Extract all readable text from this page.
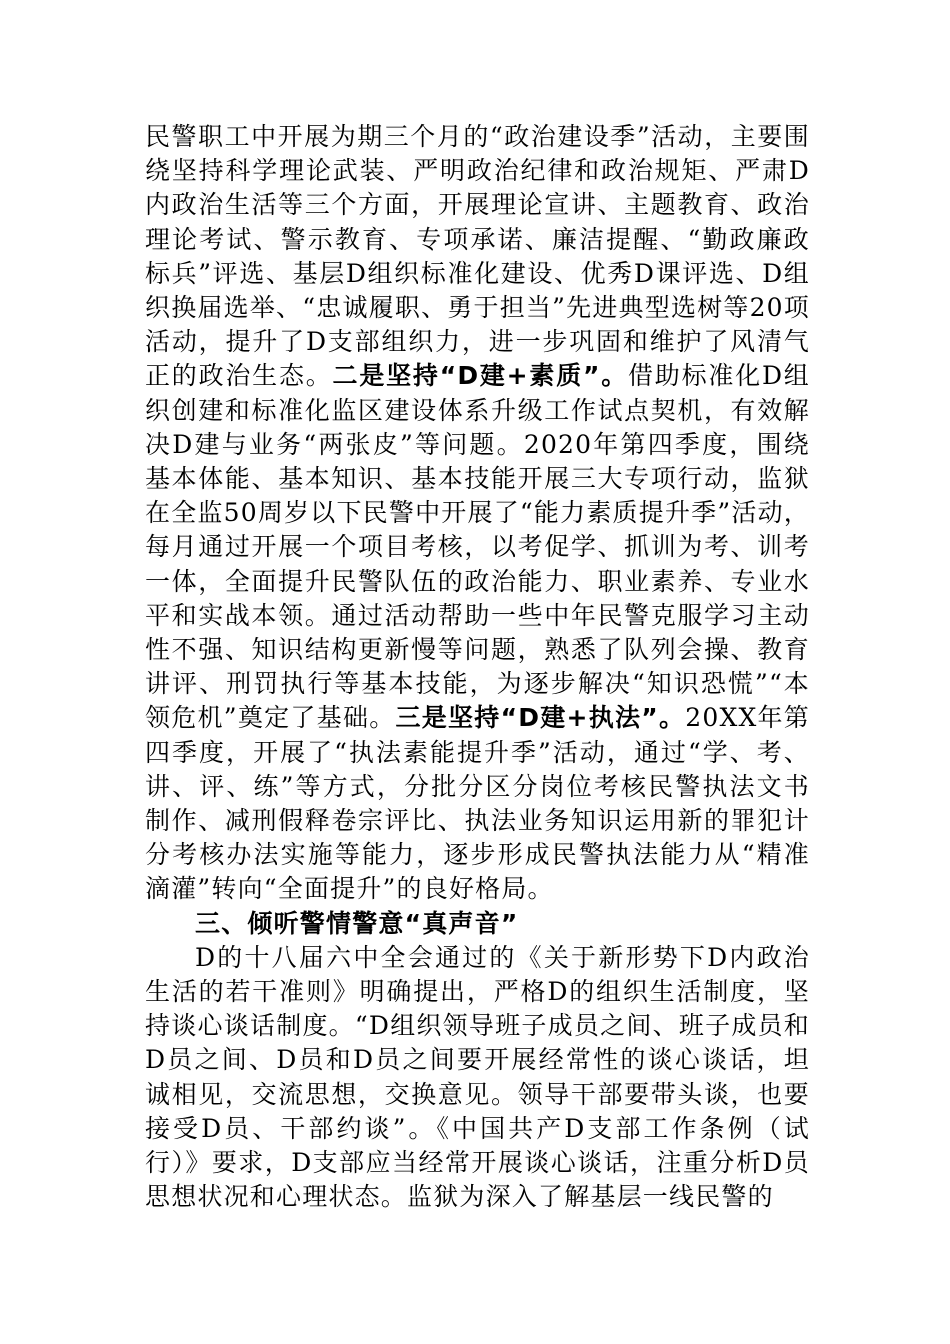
民警职工中开展为期三个月的“政治建设季”活动，主要围绕坚持科学理论武装、严明政治纪律和政治规矩、严肃D内政治生活等三个方面，开展理论宣讲、主题教育、政治理论考试、警示教育、专项承诺、廉洁提醒、“勤政廉政标兵”评选、基层D组织标准化建设、优秀D课评选、D组织换届选举、“忠诚履职、勇于担当”先进典型选树等20项活动，提升了D支部组织力，进一步巩固和维护了风清气正的政治生态。二是坚持“D建+素质”。借助标准化D组织创建和标准化监区建设体系升级工作试点契机，有效解决D建与业务“两张皮”等问题。2020年第四季度，围绕基本体能、基本知识、基本技能开展三大专项行动，监狱在全监50周岁以下民警中开展了“能力素质提升季”活动，每月通过开展一个项目考核，以考促学、抓训为考、训考一体，全面提升民警队伍的政治能力、职业素养、专业水平和实战本领。通过活动帮助一些中年民警克服学习主动性不强、知识结构更新慢等问题，熟悉了队列会操、教育讲评、刑罚执行等基本技能，为逐步解决“知识恐慌”“本领危机”奠定了基础。三是坚持“D建+执法”。20XX年第四季度，开展了“执法素能提升季”活动，通过“学、考、讲、评、练”等方式，分批分区分岗位考核民警执法文书制作、减刑假释卷宗评比、执法业务知识运用新的罪犯计分考核办法实施等能力，逐步形成民警执法能力从“精准滴灌”转向“全面提升”的良好格局。

三、倾听警情警意“真声音”

D的十八届六中全会通过的《关于新形势下D内政治生活的若干准则》明确提出，严格D的组织生活制度，坚持谈心谈话制度。“D组织领导班子成员之间、班子成员和D员之间、D员和D员之间要开展经常性的谈心谈话，坦诚相见，交流思想，交换意见。领导干部要带头谈，也要接受D员、干部约谈”。《中国共产D支部工作条例（试行）》要求，D支部应当经常开展谈心谈话，注重分析D员思想状况和心理状态。监狱为深入了解基层一线民警的
